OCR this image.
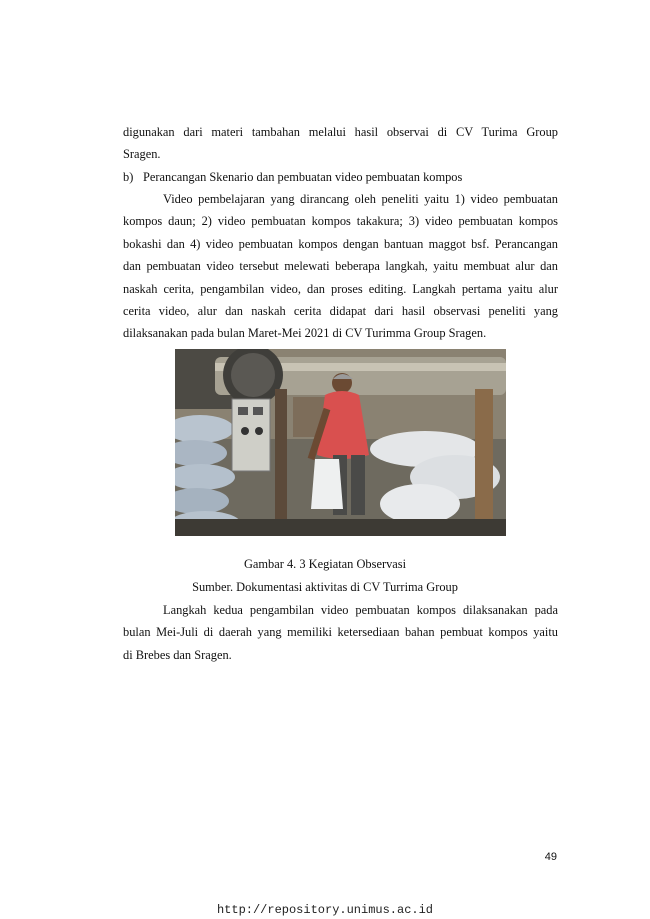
digunakan dari materi tambahan melalui hasil observai di CV Turima Group
Sragen.
b) Perancangan Skenario dan pembuatan video pembuatan kompos
Video pembelajaran yang dirancang oleh peneliti yaitu 1) video pembuatan
kompos daun; 2) video pembuatan kompos takakura; 3) video pembuatan kompos
bokashi dan 4) video pembuatan kompos dengan bantuan maggot bsf. Perancangan
dan pembuatan video tersebut melewati beberapa langkah, yaitu membuat alur dan
naskah cerita, pengambilan video, dan proses editing. Langkah pertama yaitu alur
cerita video, alur dan naskah cerita didapat dari hasil observasi peneliti yang
dilaksanakan pada bulan Maret-Mei 2021 di CV Turimma Group Sragen.
Gambar 4. 3 Kegiatan Observasi
Sumber. Dokumentasi aktivitas di CV Turrima Group
Langkah kedua pengambilan video pembuatan kompos dilaksanakan pada
bulan Mei-Juli di daerah yang memiliki ketersediaan bahan pembuat kompos yaitu
di Brebes dan Sragen.
49
http://repository.unimus.ac.id
